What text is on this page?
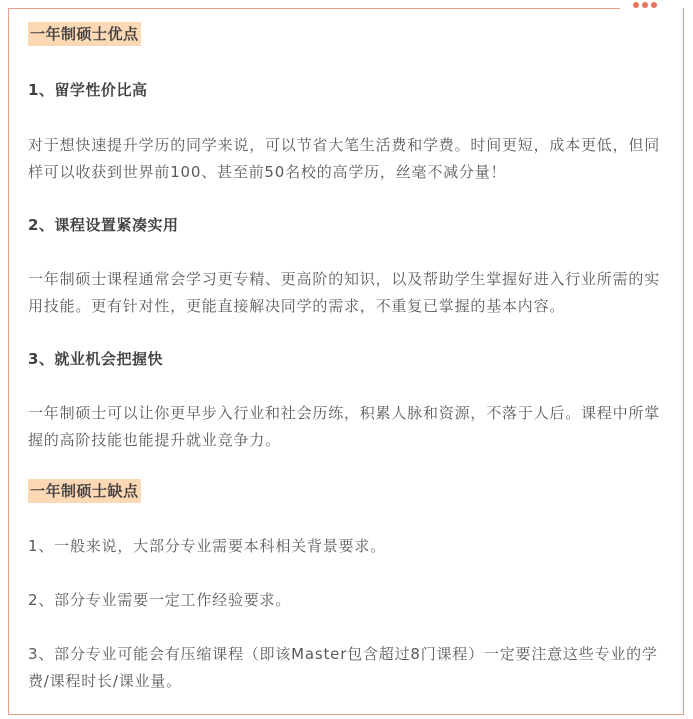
一年制硕士优点
1、留学性价比高
对于想快速提升学历的同学来说，可以节省大笔生活费和学费。时间更短，成本更低，但同样可以收获到世界前100、甚至前50名校的高学历，丝毫不减分量！
2、课程设置紧凑实用
一年制硕士课程通常会学习更专精、更高阶的知识，以及帮助学生掌握好进入行业所需的实用技能。更有针对性，更能直接解决同学的需求，不重复已掌握的基本内容。
3、就业机会把握快
一年制硕士可以让你更早步入行业和社会历练，积累人脉和资源，不落于人后。课程中所掌握的高阶技能也能提升就业竞争力。
一年制硕士缺点
1、一般来说，大部分专业需要本科相关背景要求。
2、部分专业需要一定工作经验要求。
3、部分专业可能会有压缩课程（即该Master包含超过8门课程）一定要注意这些专业的学费/课程时长/课业量。
